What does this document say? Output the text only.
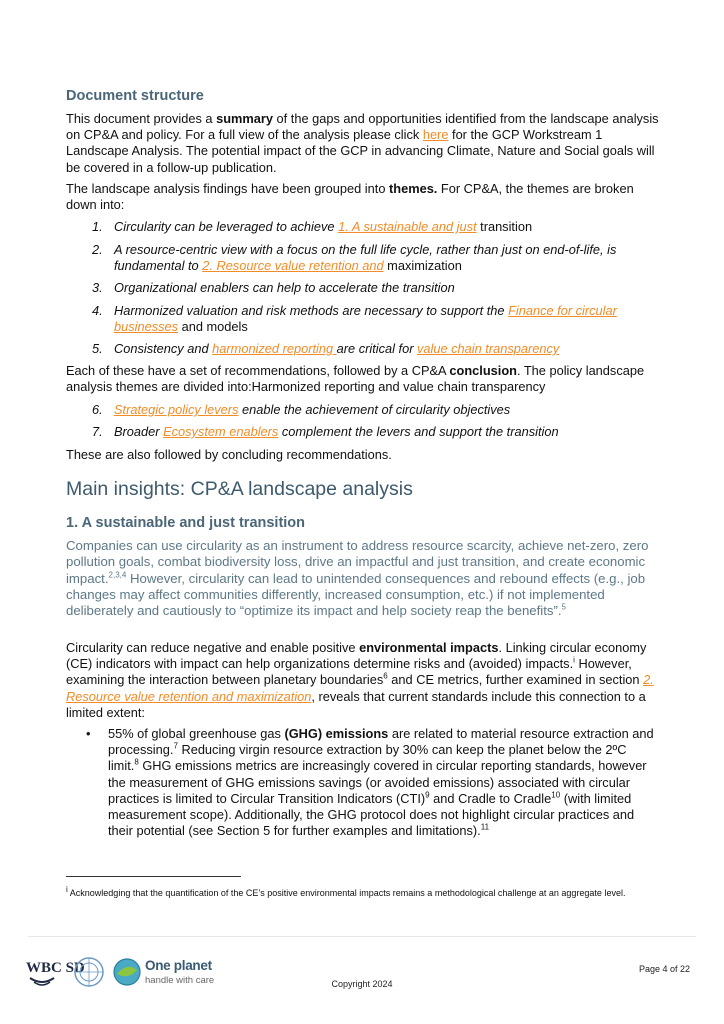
Document structure
This document provides a summary of the gaps and opportunities identified from the landscape analysis on CP&A and policy. For a full view of the analysis please click here for the GCP Workstream 1 Landscape Analysis. The potential impact of the GCP in advancing Climate, Nature and Social goals will be covered in a follow-up publication.
The landscape analysis findings have been grouped into themes. For CP&A, the themes are broken down into:
1. Circularity can be leveraged to achieve 1. A sustainable and just transition
2. A resource-centric view with a focus on the full life cycle, rather than just on end-of-life, is fundamental to 2. Resource value retention and maximization
3. Organizational enablers can help to accelerate the transition
4. Harmonized valuation and risk methods are necessary to support the Finance for circular businesses and models
5. Consistency and harmonized reporting are critical for value chain transparency
Each of these have a set of recommendations, followed by a CP&A conclusion. The policy landscape analysis themes are divided into:Harmonized reporting and value chain transparency
6. Strategic policy levers enable the achievement of circularity objectives
7. Broader Ecosystem enablers complement the levers and support the transition
These are also followed by concluding recommendations.
Main insights: CP&A landscape analysis
1. A sustainable and just transition
Companies can use circularity as an instrument to address resource scarcity, achieve net-zero, zero pollution goals, combat biodiversity loss, drive an impactful and just transition, and create economic impact.$^{2,3,4}$ However, circularity can lead to unintended consequences and rebound effects (e.g., job changes may affect communities differently, increased consumption, etc.) if not implemented deliberately and cautiously to “optimize its impact and help society reap the benefits”.$^5$
Circularity can reduce negative and enable positive environmental impacts. Linking circular economy (CE) indicators with impact can help organizations determine risks and (avoided) impacts.$^i$ However, examining the interaction between planetary boundaries$^6$ and CE metrics, further examined in section 2. Resource value retention and maximization, reveals that current standards include this connection to a limited extent:
• 55% of global greenhouse gas (GHG) emissions are related to material resource extraction and processing.$^7$ Reducing virgin resource extraction by 30% can keep the planet below the 2ºC limit.$^8$ GHG emissions metrics are increasingly covered in circular reporting standards, however the measurement of GHG emissions savings (or avoided emissions) associated with circular practices is limited to Circular Transition Indicators (CTI)$^9$ and Cradle to Cradle$^{10}$ (with limited measurement scope). Additionally, the GHG protocol does not highlight circular practices and their potential (see Section 5 for further examples and limitations).$^{11}$
$^i$ Acknowledging that the quantification of the CE’s positive environmental impacts remains a methodological challenge at an aggregate level.
WBC SD	One planet
handle with care
Page 4 of 22
Copyright 2024
